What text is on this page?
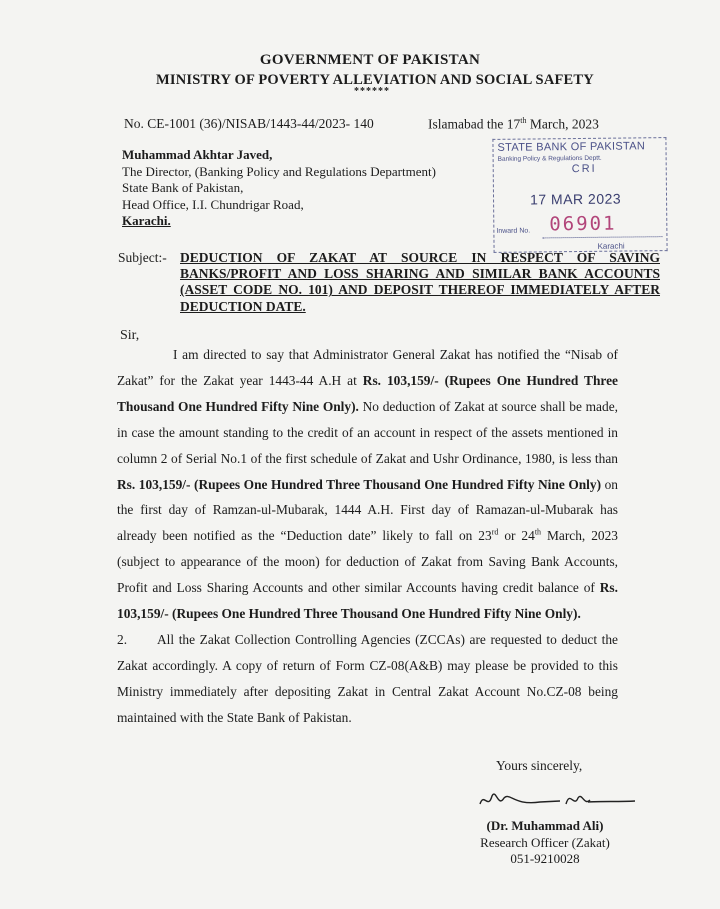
GOVERNMENT OF PAKISTAN
MINISTRY OF POVERTY ALLEVIATION AND SOCIAL SAFETY
******
No. CE-1001 (36)/NISAB/1443-44/2023- 140	Islamabad the 17th March, 2023
Muhammad Akhtar Javed,
The Director, (Banking Policy and Regulations Department)
State Bank of Pakistan,
Head Office, I.I. Chundrigar Road,
Karachi.
STATE BANK OF PAKISTAN
Banking Policy & Regulations Deptt.
CRI
17 MAR 2023
Inward No. 06901
Karachi
Subject:- DEDUCTION OF ZAKAT AT SOURCE IN RESPECT OF SAVING BANKS/PROFIT AND LOSS SHARING AND SIMILAR BANK ACCOUNTS (ASSET CODE NO. 101) AND DEPOSIT THEREOF IMMEDIATELY AFTER DEDUCTION DATE.
Sir,

I am directed to say that Administrator General Zakat has notified the “Nisab of Zakat” for the Zakat year 1443-44 A.H at Rs. 103,159/- (Rupees One Hundred Three Thousand One Hundred Fifty Nine Only). No deduction of Zakat at source shall be made, in case the amount standing to the credit of an account in respect of the assets mentioned in column 2 of Serial No.1 of the first schedule of Zakat and Ushr Ordinance, 1980, is less than Rs. 103,159/- (Rupees One Hundred Three Thousand One Hundred Fifty Nine Only) on the first day of Ramzan-ul-Mubarak, 1444 A.H. First day of Ramazan-ul-Mubarak has already been notified as the “Deduction date” likely to fall on 23rd or 24th March, 2023 (subject to appearance of the moon) for deduction of Zakat from Saving Bank Accounts, Profit and Loss Sharing Accounts and other similar Accounts having credit balance of Rs. 103,159/- (Rupees One Hundred Three Thousand One Hundred Fifty Nine Only).

2. All the Zakat Collection Controlling Agencies (ZCCAs) are requested to deduct the Zakat accordingly. A copy of return of Form CZ-08(A&B) may please be provided to this Ministry immediately after depositing Zakat in Central Zakat Account No.CZ-08 being maintained with the State Bank of Pakistan.

Yours sincerely,
(Dr. Muhammad Ali)
Research Officer (Zakat)
051-9210028
